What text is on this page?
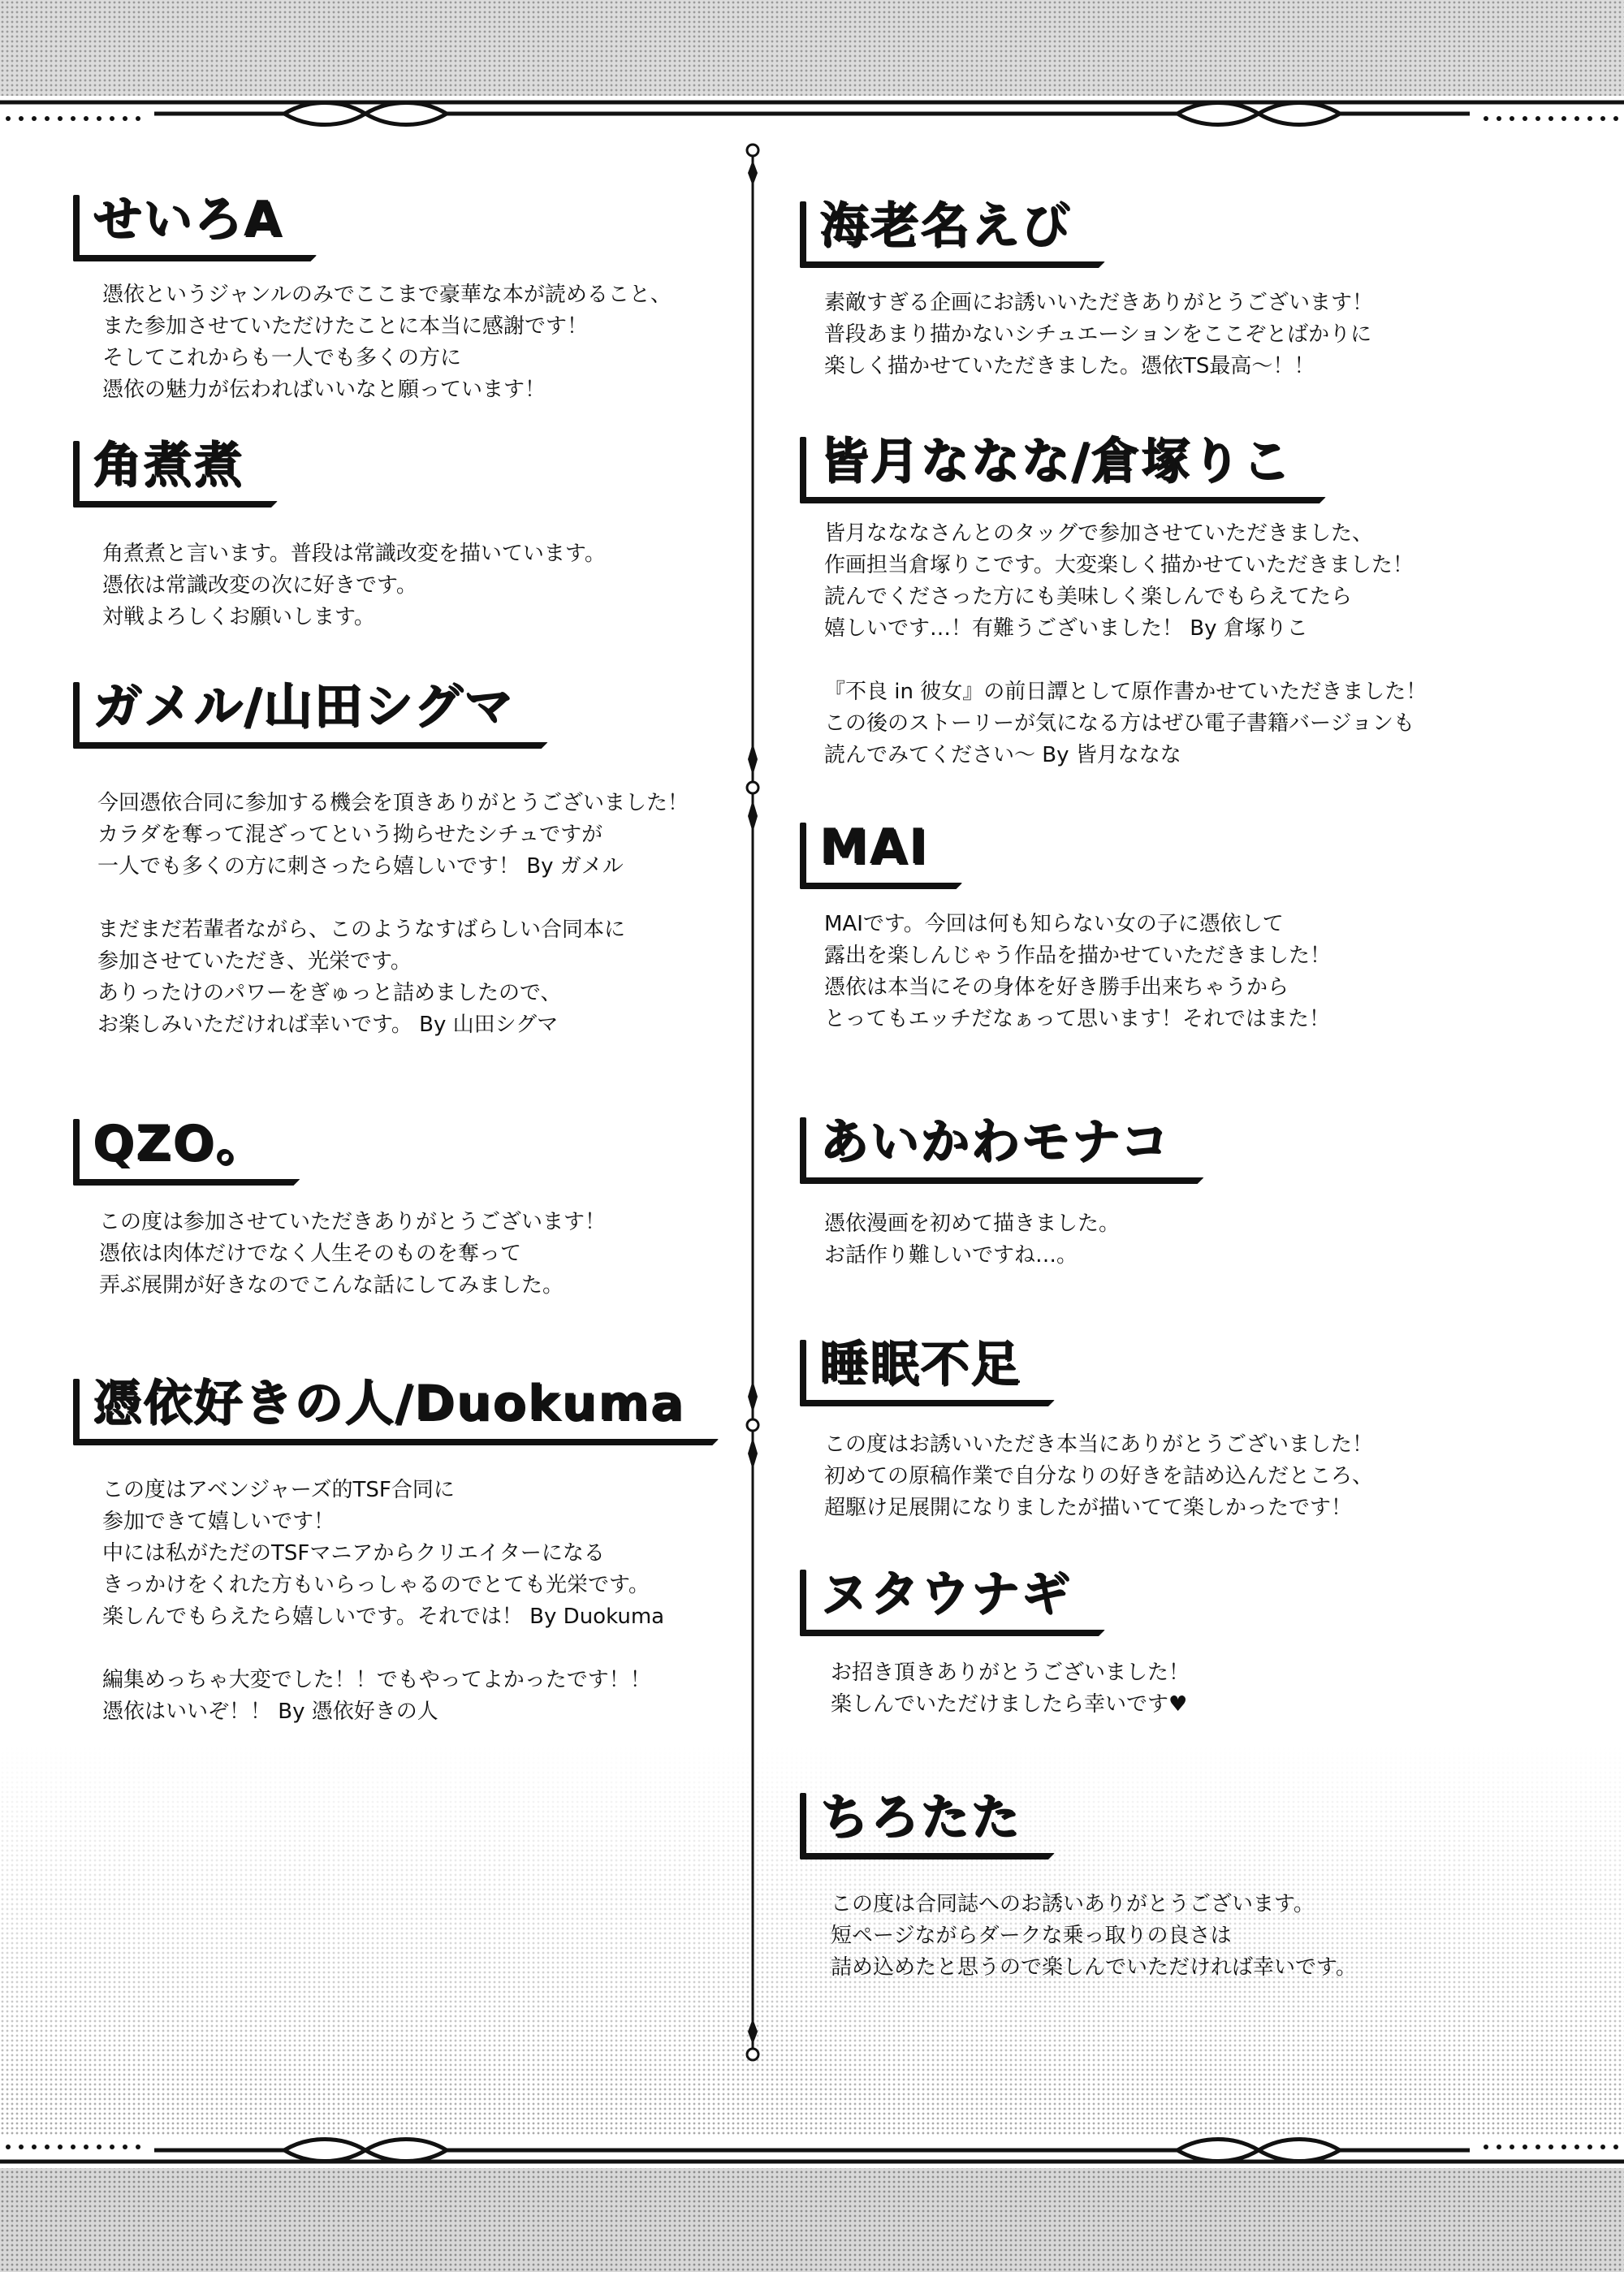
せいろA

憑依というジャンルのみでここまで豪華な本が読めること、
また参加させていただけたことに本当に感謝です！
そしてこれからも一人でも多くの方に
憑依の魅力が伝わればいいなと願っています！

角煮煮

角煮煮と言います。普段は常識改変を描いています。
憑依は常識改変の次に好きです。
対戦よろしくお願いします。

ガメル/山田シグマ

今回憑依合同に参加する機会を頂きありがとうございました！
カラダを奪って混ざってという拗らせたシチュですが
一人でも多くの方に刺さったら嬉しいです！ By ガメル

まだまだ若輩者ながら、このようなすばらしい合同本に
参加させていただき、光栄です。
ありったけのパワーをぎゅっと詰めましたので、
お楽しみいただければ幸いです。 By 山田シグマ

QZO。

この度は参加させていただきありがとうございます！
憑依は肉体だけでなく人生そのものを奪って
弄ぶ展開が好きなのでこんな話にしてみました。

憑依好きの人/Duokuma

この度はアベンジャーズ的TSF合同に
参加できて嬉しいです！
中には私がただのTSFマニアからクリエイターになる
きっかけをくれた方もいらっしゃるのでとても光栄です。
楽しんでもらえたら嬉しいです。それでは！ By Duokuma

編集めっちゃ大変でした！！でもやってよかったです！！
憑依はいいぞ！！ By 憑依好きの人

海老名えび

素敵すぎる企画にお誘いいただきありがとうございます！
普段あまり描かないシチュエーションをここぞとばかりに
楽しく描かせていただきました。憑依TS最高〜！！

皆月ななな/倉塚りこ

皆月なななさんとのタッグで参加させていただきました、
作画担当倉塚りこです。大変楽しく描かせていただきました！
読んでくださった方にも美味しく楽しんでもらえてたら
嬉しいです…！有難うございました！ By 倉塚りこ

『不良 in 彼女』の前日譚として原作書かせていただきました！
この後のストーリーが気になる方はぜひ電子書籍バージョンも
読んでみてください〜 By 皆月ななな

MAI

MAIです。今回は何も知らない女の子に憑依して
露出を楽しんじゃう作品を描かせていただきました！
憑依は本当にその身体を好き勝手出来ちゃうから
とってもエッチだなぁって思います！それではまた！

あいかわモナコ

憑依漫画を初めて描きました。
お話作り難しいですね…。

睡眠不足

この度はお誘いいただき本当にありがとうございました！
初めての原稿作業で自分なりの好きを詰め込んだところ、
超駆け足展開になりましたが描いてて楽しかったです！

ヌタウナギ

お招き頂きありがとうございました！
楽しんでいただけましたら幸いです♥

ちろたた

この度は合同誌へのお誘いありがとうございます。
短ページながらダークな乗っ取りの良さは
詰め込めたと思うので楽しんでいただければ幸いです。
